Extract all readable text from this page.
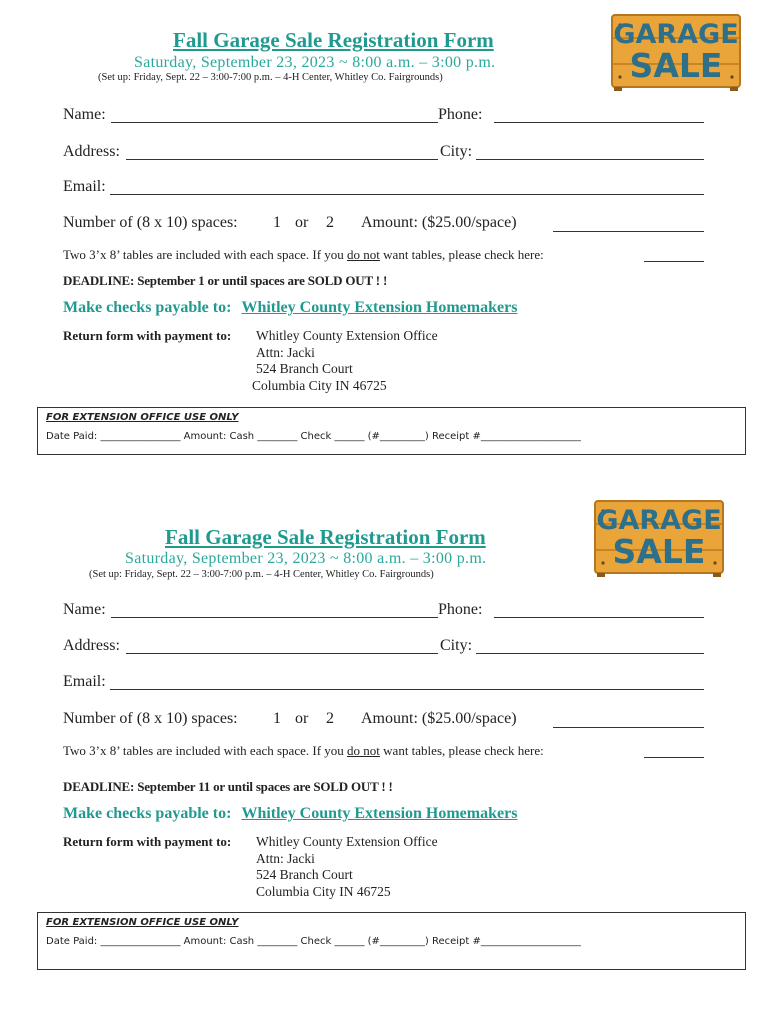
Fall Garage Sale Registration Form
Saturday, September 23, 2023 ~ 8:00 a.m. – 3:00 p.m.
(Set up: Friday, Sept. 22 – 3:00-7:00 p.m. – 4-H Center, Whitley Co. Fairgrounds)
GARAGE
SALE
Name:	Phone:
Address:	City:
Email:
Number of (8 x 10) spaces: 1 or 2 Amount: ($25.00/space)
Two 3’x 8’ tables are included with each space. If you do not want tables, please check here:
DEADLINE: September 1 or until spaces are SOLD OUT ! !
Make checks payable to: Whitley County Extension Homemakers
Return form with payment to: Whitley County Extension Office
Attn: Jacki
524 Branch Court
Columbia City IN 46725
FOR EXTENSION OFFICE USE ONLY
Date Paid: ________________ Amount: Cash ________ Check ______ (#_________) Receipt #____________________
Fall Garage Sale Registration Form
Saturday, September 23, 2023 ~ 8:00 a.m. – 3:00 p.m.
(Set up: Friday, Sept. 22 – 3:00-7:00 p.m. – 4-H Center, Whitley Co. Fairgrounds)
GARAGE
SALE
Name:	Phone:
Address:	City:
Email:
Number of (8 x 10) spaces: 1 or 2 Amount: ($25.00/space)
Two 3’x 8’ tables are included with each space. If you do not want tables, please check here:
DEADLINE: September 11 or until spaces are SOLD OUT ! !
Make checks payable to: Whitley County Extension Homemakers
Return form with payment to: Whitley County Extension Office
Attn: Jacki
524 Branch Court
Columbia City IN 46725
FOR EXTENSION OFFICE USE ONLY
Date Paid: ________________ Amount: Cash ________ Check ______ (#_________) Receipt #____________________
